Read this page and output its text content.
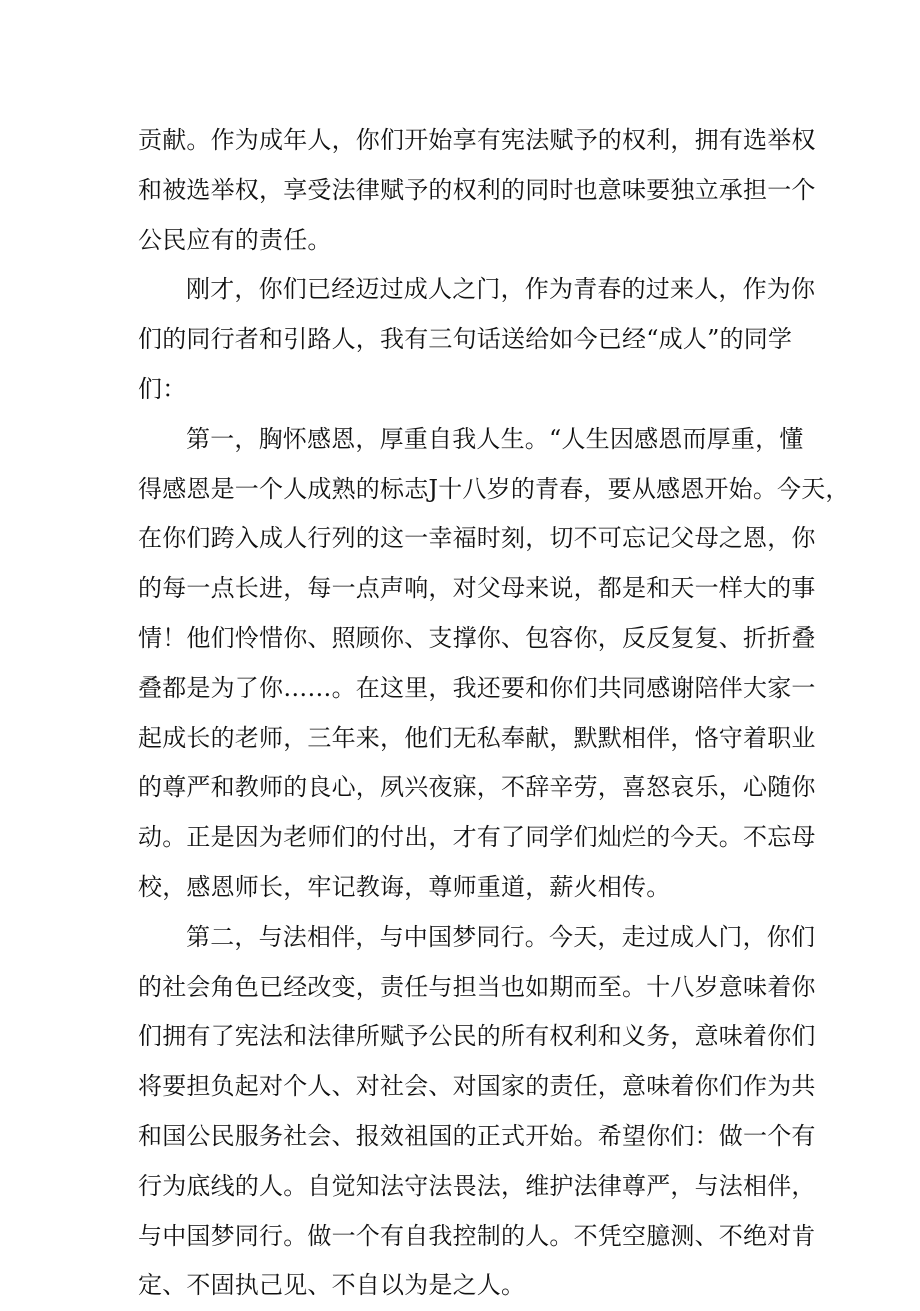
贡献。作为成年人，你们开始享有宪法赋予的权利，拥有选举权
和被选举权，享受法律赋予的权利的同时也意味要独立承担一个
公民应有的责任。
刚才，你们已经迈过成人之门，作为青春的过来人，作为你
们的同行者和引路人，我有三句话送给如今已经“成人”的同学
们：
第一，胸怀感恩，厚重自我人生。“人生因感恩而厚重，懂
得感恩是一个人成熟的标志J十八岁的青春，要从感恩开始。今天，
在你们跨入成人行列的这一幸福时刻，切不可忘记父母之恩，你
的每一点长进，每一点声响，对父母来说，都是和天一样大的事
情！他们怜惜你、照顾你、支撑你、包容你，反反复复、折折叠
叠都是为了你……。在这里，我还要和你们共同感谢陪伴大家一
起成长的老师，三年来，他们无私奉献，默默相伴，恪守着职业
的尊严和教师的良心，夙兴夜寐，不辞辛劳，喜怒哀乐，心随你
动。正是因为老师们的付出，才有了同学们灿烂的今天。不忘母
校，感恩师长，牢记教诲，尊师重道，薪火相传。
第二，与法相伴，与中国梦同行。今天，走过成人门，你们
的社会角色已经改变，责任与担当也如期而至。十八岁意味着你
们拥有了宪法和法律所赋予公民的所有权利和义务，意味着你们
将要担负起对个人、对社会、对国家的责任，意味着你们作为共
和国公民服务社会、报效祖国的正式开始。希望你们：做一个有
行为底线的人。自觉知法守法畏法，维护法律尊严，与法相伴，
与中国梦同行。做一个有自我控制的人。不凭空臆测、不绝对肯
定、不固执己见、不自以为是之人。
